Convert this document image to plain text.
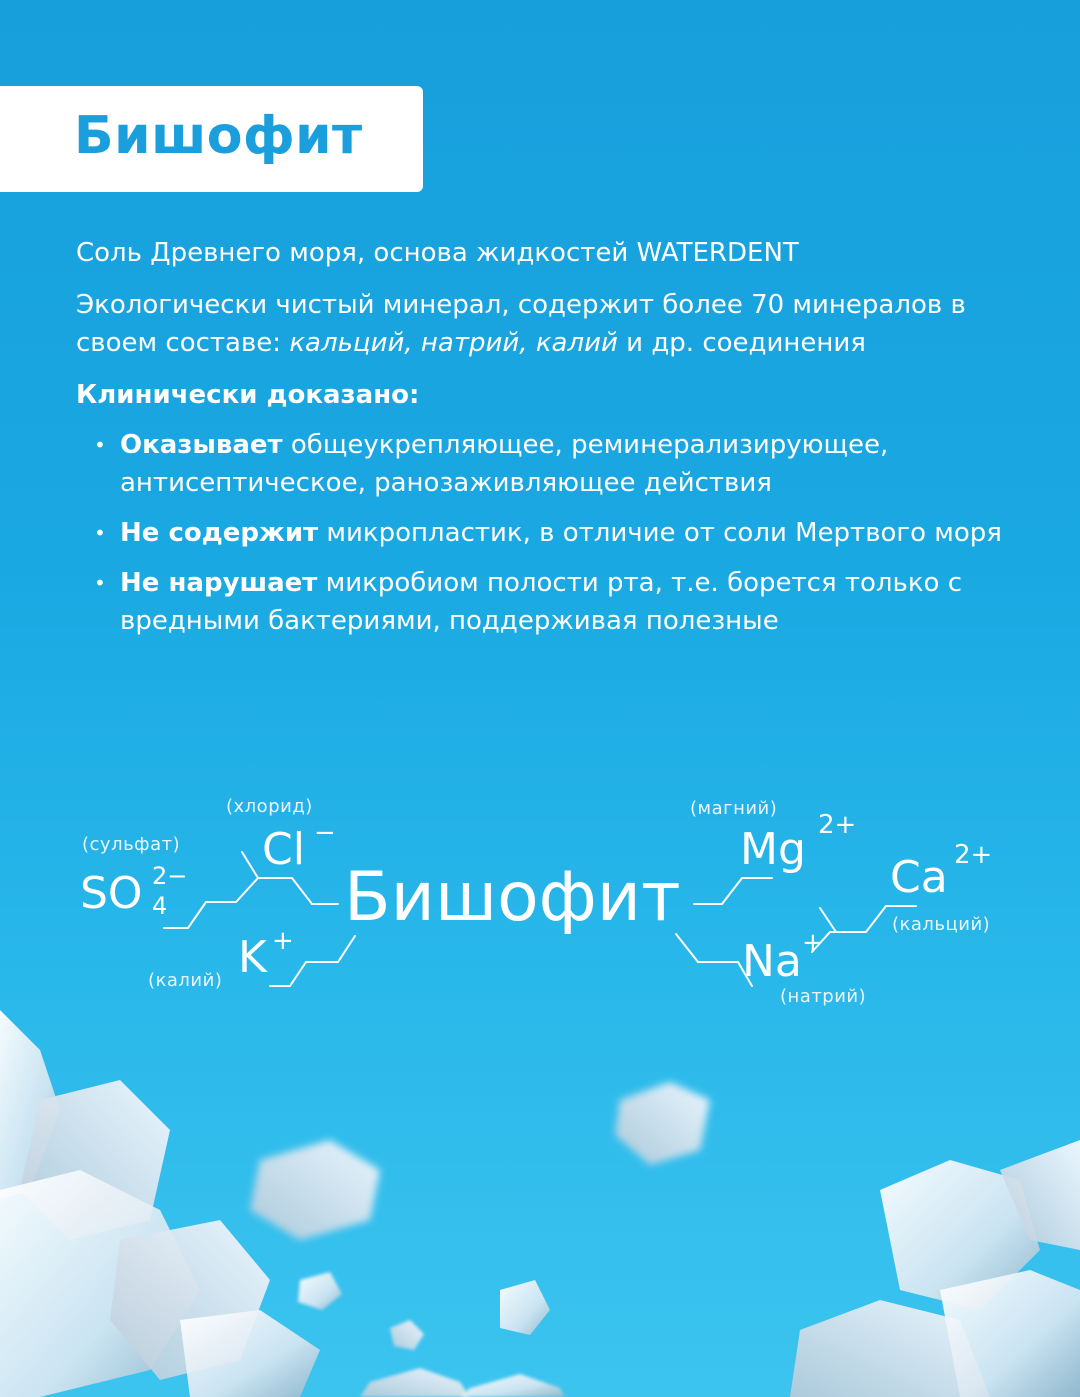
Бишофит

Соль Древнего моря, основа жидкостей WATERDENT

Экологически чистый минерал, содержит более 70 минералов в своем составе: кальций, натрий, калий и др. соединения

Клинически доказано:

• Оказывает общеукрепляющее, реминерализирующее, антисептическое, ранозаживляющее действия
• Не содержит микропластик, в отличие от соли Мертвого моря
• Не нарушает микробиом полости рта, т.е. борется только с вредными бактериями, поддерживая полезные
(хлорид)
Cl −
(сульфат)
SO 2−
4
K +
(калий)
Бишофит
(магний)
Mg 2+
Ca 2+
(кальций)
Na +
(натрий)
